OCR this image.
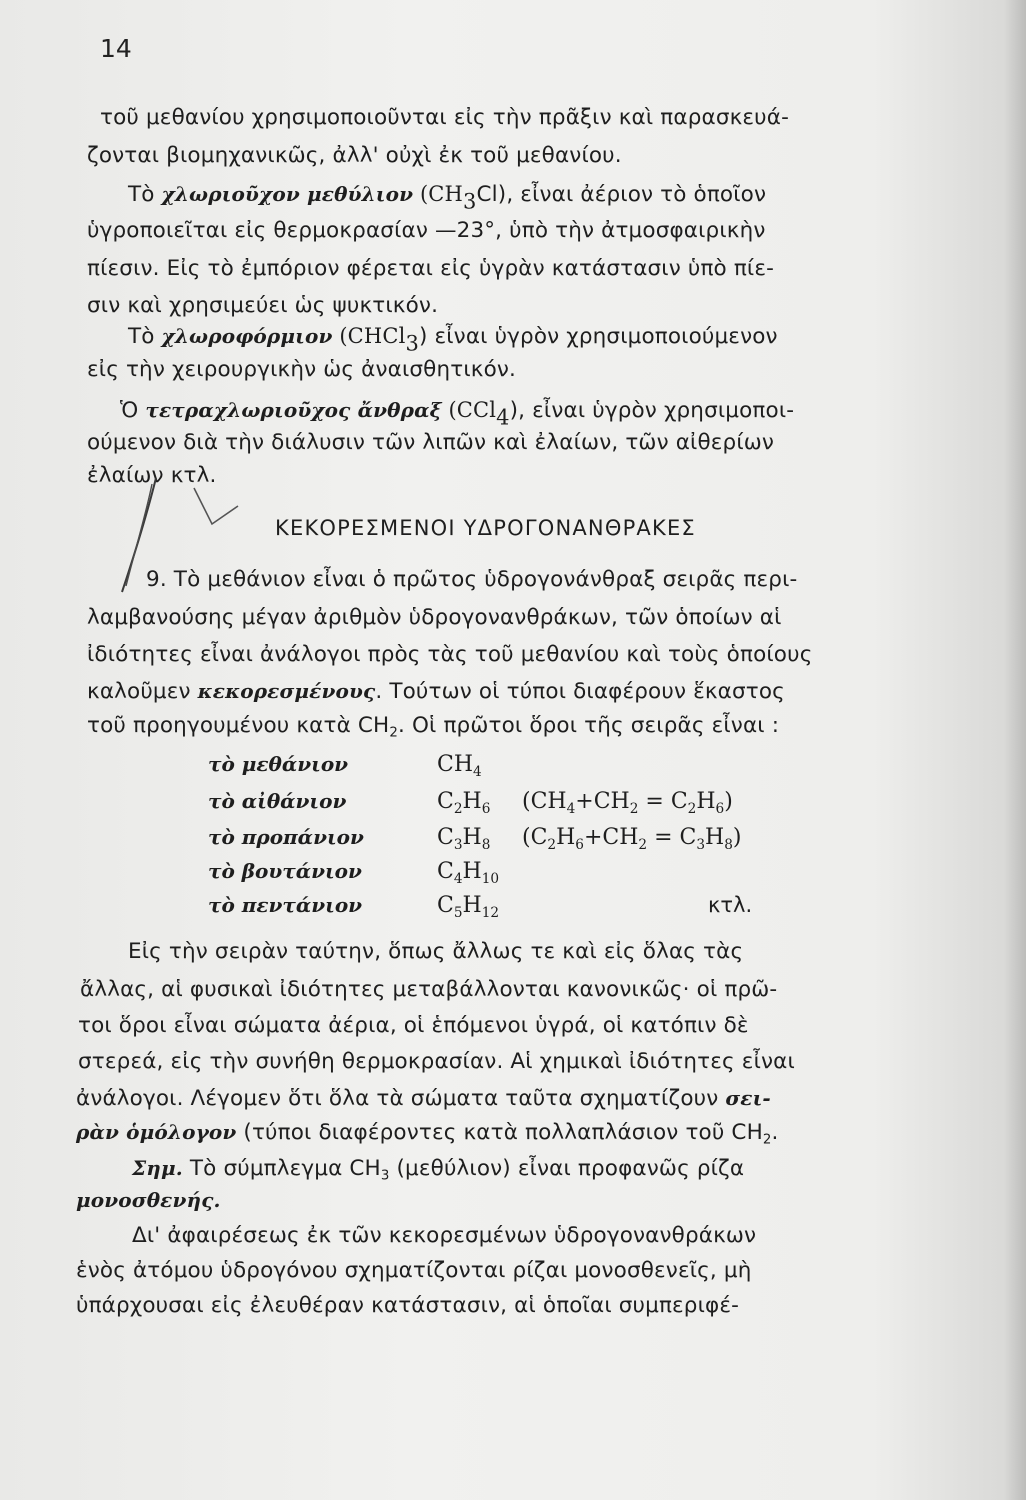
14
τοῦ μεθανίου χρησιμοποιοῦνται εἰς τὴν πρᾶξιν καὶ παρασκευά-
ζονται βιομηχανικῶς, ἀλλ' οὐχὶ ἐκ τοῦ μεθανίου.
Τὸ χλωριοῦχον μεθύλιον $(CH_3Cl)$, εἶναι ἀέριον τὸ ὁποῖον
ὑγροποιεῖται εἰς θερμοκρασίαν —23°, ὑπὸ τὴν ἀτμοσφαιρικὴν
πίεσιν. Εἰς τὸ ἐμπόριον φέρεται εἰς ὑγρὰν κατάστασιν ὑπὸ πίε-
σιν καὶ χρησιμεύει ὡς ψυκτικόν.
Τὸ χλωροφόρμιον (CHCl$_3$) εἶναι ὑγρὸν χρησιμοποιούμενον
εἰς τὴν χειρουργικὴν ὡς ἀναισθητικόν.
Ὁ τετραχλωριοῦχος ἄνθραξ (CCl$_4$), εἶναι ὑγρὸν χρησιμοποι-
ούμενον διὰ τὴν διάλυσιν τῶν λιπῶν καὶ ἐλαίων, τῶν αἰθερίων
ἐλαίων κτλ.
ΚΕΚΟΡΕΣΜΕΝΟΙ ΥΔΡΟΓΟΝΑΝΘΡΑΚΕΣ
9. Τὸ μεθάνιον εἶναι ὁ πρῶτος ὑδρογονάνθραξ σειρᾶς περι-
λαμβανούσης μέγαν ἀριθμὸν ὑδρογονανθράκων, τῶν ὁποίων αἱ
ἰδιότητες εἶναι ἀνάλογοι πρὸς τὰς τοῦ μεθανίου καὶ τοὺς ὁποίους
καλοῦμεν κεκορεσμένους. Τούτων οἱ τύποι διαφέρουν ἕκαστος
τοῦ προηγουμένου κατὰ $CH_2$. Οἱ πρῶτοι ὅροι τῆς σειρᾶς εἶναι :
τὸ μεθάνιον	$CH_4$
τὸ αἰθάνιον	$C_2H_6$ $(CH_4+CH_2 = C_2H_6)$
τὸ προπάνιον	$C_3H_8$ $(C_2H_6+CH_2 = C_3H_8)$
τὸ βουτάνιον	$C_4H_{10}$
τὸ πεντάνιον	$C_5H_{12}$	κτλ.
Εἰς τὴν σειρὰν ταύτην, ὅπως ἄλλως τε καὶ εἰς ὅλας τὰς
ἄλλας, αἱ φυσικαὶ ἰδιότητες μεταβάλλονται κανονικῶς· οἱ πρῶ-
τοι ὅροι εἶναι σώματα ἀέρια, οἱ ἑπόμενοι ὑγρά, οἱ κατόπιν δὲ
στερεά, εἰς τὴν συνήθη θερμοκρασίαν. Αἱ χημικαὶ ἰδιότητες εἶναι
ἀνάλογοι. Λέγομεν ὅτι ὅλα τὰ σώματα ταῦτα σχηματίζουν σει-
ρὰν ὁμόλογον (τύποι διαφέροντες κατὰ πολλαπλάσιον τοῦ $CH_2$.
Σημ. Τὸ σύμπλεγμα $CH_3$ (μεθύλιον) εἶναι προφανῶς ρίζα
μονοσθενής.
Δι' ἀφαιρέσεως ἐκ τῶν κεκορεσμένων ὑδρογονανθράκων
ἑνὸς ἀτόμου ὑδρογόνου σχηματίζονται ρίζαι μονοσθενεῖς, μὴ
ὑπάρχουσαι εἰς ἐλευθέραν κατάστασιν, αἱ ὁποῖαι συμπεριφέ-
